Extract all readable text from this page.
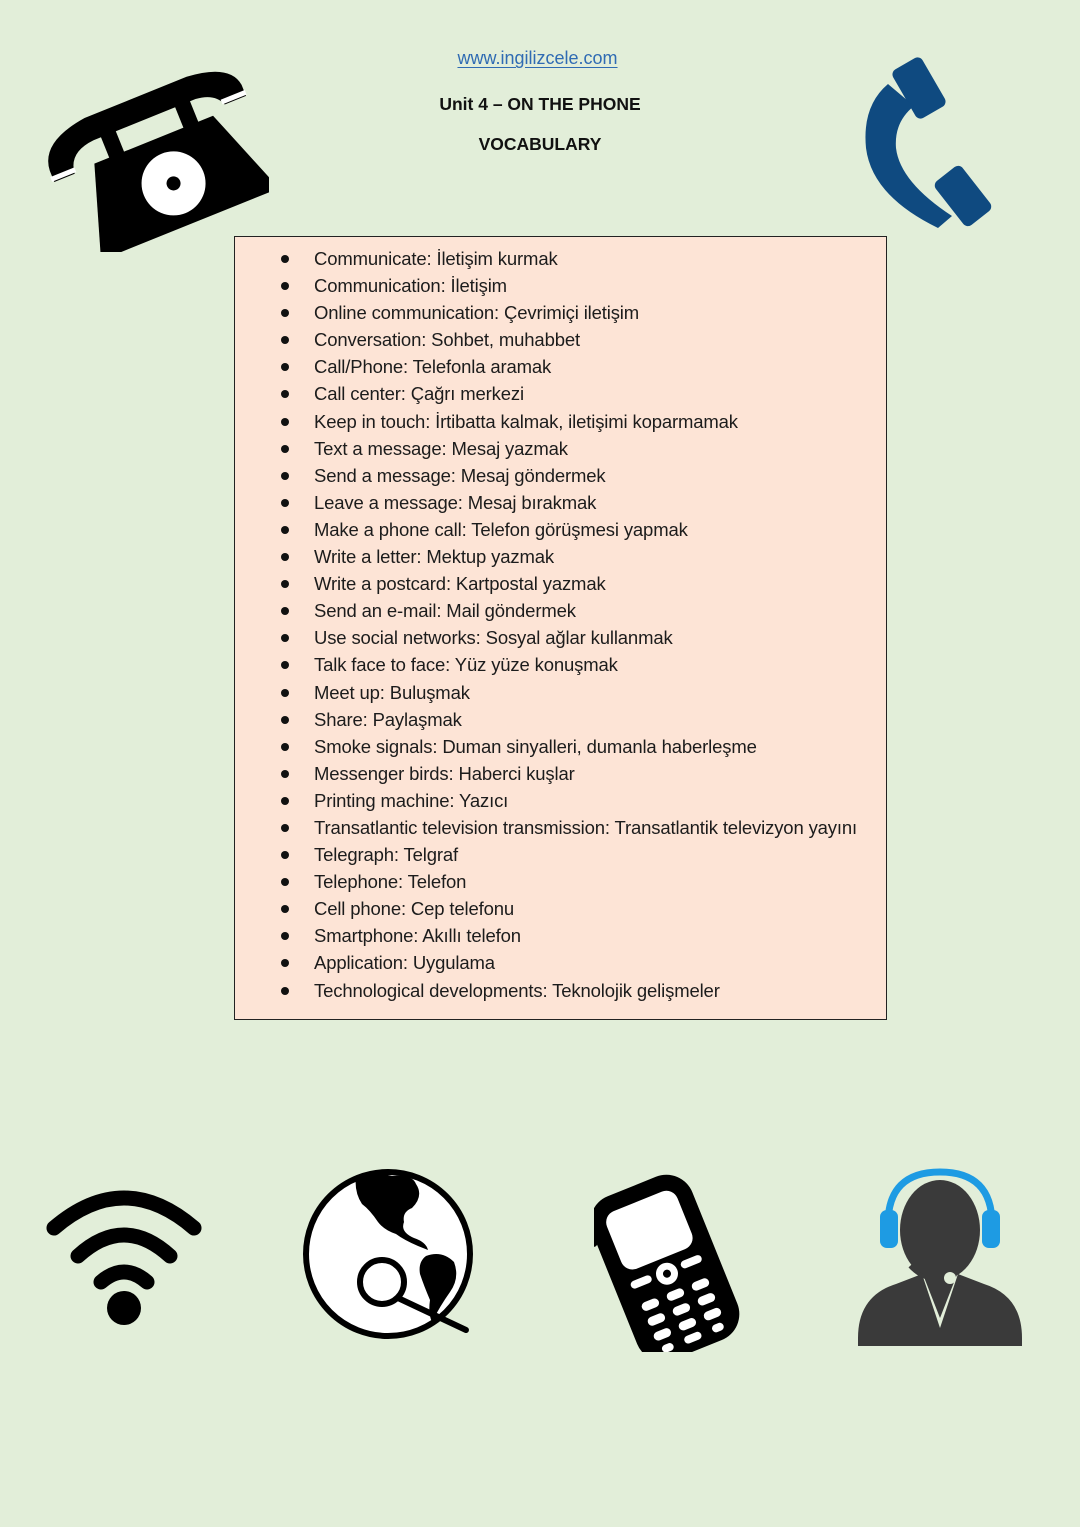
www.ingilizcele.com
Unit 4 – ON THE PHONE
VOCABULARY
Communicate: İletişim kurmak
Communication: İletişim
Online communication: Çevrimiçi iletişim
Conversation: Sohbet, muhabbet
Call/Phone: Telefonla aramak
Call center: Çağrı merkezi
Keep in touch: İrtibatta kalmak, iletişimi koparmamak
Text a message: Mesaj yazmak
Send a message: Mesaj göndermek
Leave a message: Mesaj bırakmak
Make a phone call: Telefon görüşmesi yapmak
Write a letter: Mektup yazmak
Write a postcard: Kartpostal yazmak
Send an e-mail: Mail göndermek
Use social networks: Sosyal ağlar kullanmak
Talk face to face: Yüz yüze konuşmak
Meet up: Buluşmak
Share: Paylaşmak
Smoke signals: Duman sinyalleri, dumanla haberleşme
Messenger birds: Haberci kuşlar
Printing machine: Yazıcı
Transatlantic television transmission: Transatlantik televizyon yayını
Telegraph: Telgraf
Telephone: Telefon
Cell phone: Cep telefonu
Smartphone: Akıllı telefon
Application: Uygulama
Technological developments: Teknolojik gelişmeler
